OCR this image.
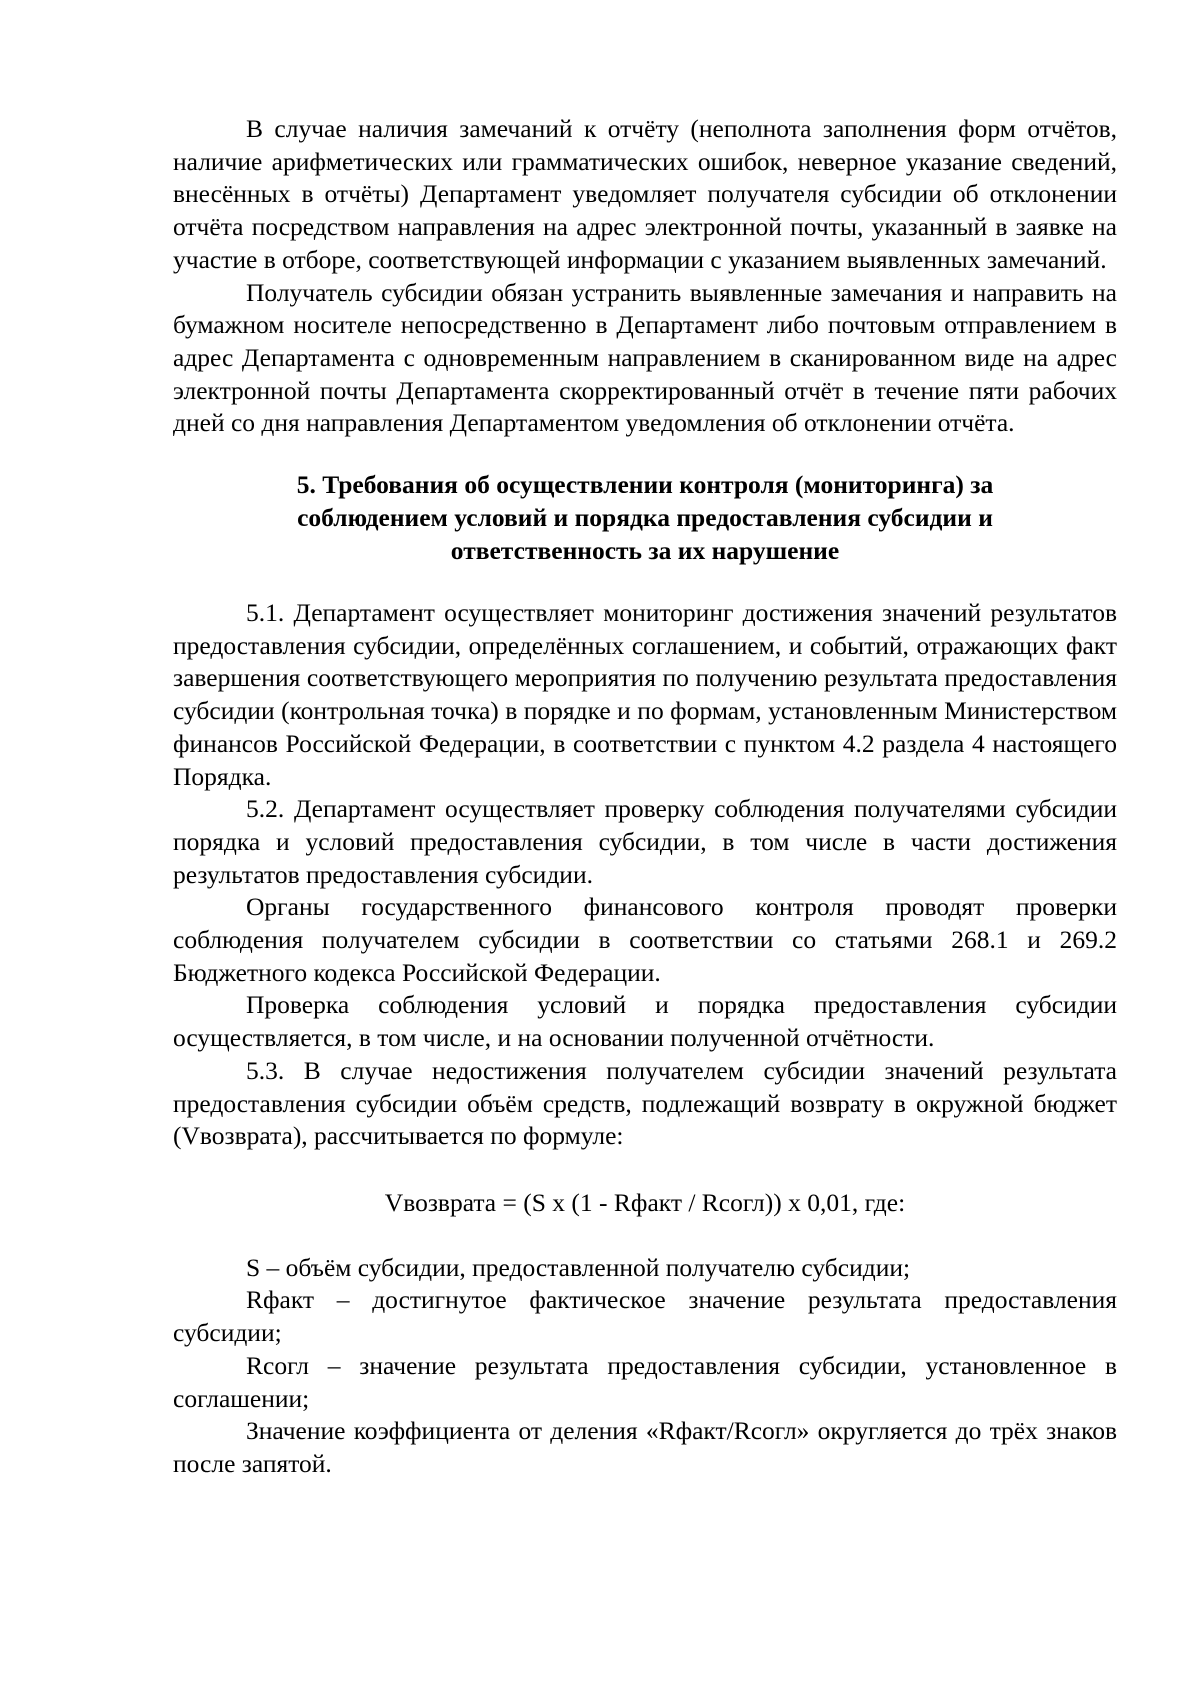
В случае наличия замечаний к отчёту (неполнота заполнения форм отчётов, наличие арифметических или грамматических ошибок, неверное указание сведений, внесённых в отчёты) Департамент уведомляет получателя субсидии об отклонении отчёта посредством направления на адрес электронной почты, указанный в заявке на участие в отборе, соответствующей информации с указанием выявленных замечаний.

Получатель субсидии обязан устранить выявленные замечания и направить на бумажном носителе непосредственно в Департамент либо почтовым отправлением в адрес Департамента с одновременным направлением в сканированном виде на адрес электронной почты Департамента скорректированный отчёт в течение пяти рабочих дней со дня направления Департаментом уведомления об отклонении отчёта.

5. Требования об осуществлении контроля (мониторинга) за
соблюдением условий и порядка предоставления субсидии и
ответственность за их нарушение

5.1. Департамент осуществляет мониторинг достижения значений результатов предоставления субсидии, определённых соглашением, и событий, отражающих факт завершения соответствующего мероприятия по получению результата предоставления субсидии (контрольная точка) в порядке и по формам, установленным Министерством финансов Российской Федерации, в соответствии с пунктом 4.2 раздела 4 настоящего Порядка.

5.2. Департамент осуществляет проверку соблюдения получателями субсидии порядка и условий предоставления субсидии, в том числе в части достижения результатов предоставления субсидии.

Органы государственного финансового контроля проводят проверки соблюдения получателем субсидии в соответствии со статьями 268.1 и 269.2 Бюджетного кодекса Российской Федерации.

Проверка соблюдения условий и порядка предоставления субсидии осуществляется, в том числе, и на основании полученной отчётности.

5.3. В случае недостижения получателем субсидии значений результата предоставления субсидии объём средств, подлежащий возврату в окружной бюджет (Vвозврата), рассчитывается по формуле:

Vвозврата = (S x (1 - Rфакт / Rсогл)) x 0,01, где:

S – объём субсидии, предоставленной получателю субсидии;

Rфакт – достигнутое фактическое значение результата предоставления субсидии;

Rсогл – значение результата предоставления субсидии, установленное в соглашении;

Значение коэффициента от деления «Rфакт/Rсогл» округляется до трёх знаков после запятой.
